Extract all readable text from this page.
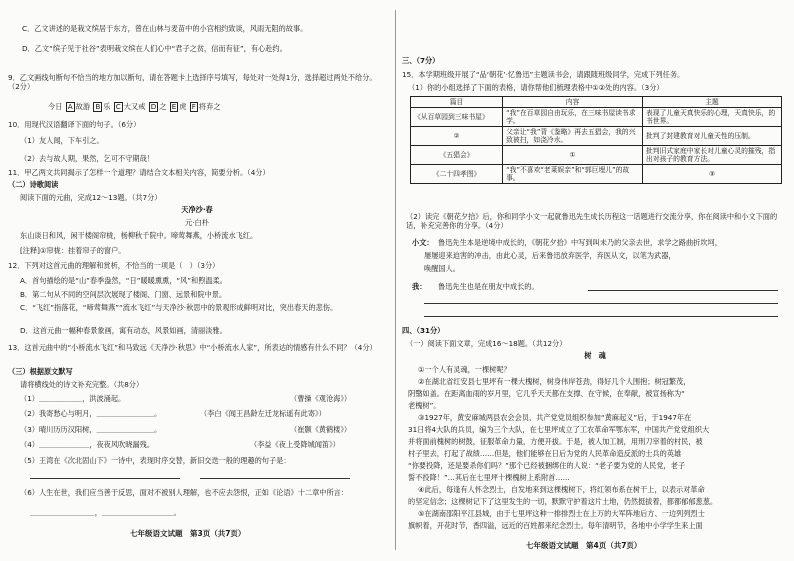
C．乙文讲述的是栽文缤居于东方，曾在山林与麦苗中的小宫相约致谈，风雨无阻的故事。
D．乙文“缤子见于社谷”表明栽文缤在人们心中“君子之贫，信而有征”，有心赴约。
9．乙文画线句断句不恰当的地方加以断句，请在答题卡上选择序号填写，每处对一处得1分，选择超过两处不给分。（2分）
今日 A 故游 B 乐 C 大又戒 D 之 E 虎 F 将弃之
10．用现代汉语翻译下面的句子。（6分）
（1）友人闻，下车引之。
（2）去与故人期，果然，乞可不守期哉！
11．甲乙两文共同揭示了怎样一个道理？请结合文本相关内容，简要分析。（4分）
（二）诗歌阅读
阅读下面的元曲，完成12～13题。（共7分）
天净沙·春
元·白朴
东山谈日和风，闲干楼阁帘栊，杨柳秋千院中。啼莺舞燕，小桥流水飞红。
[注释]①帘栊：挂着帘子的窗户。
12．下列对这首元曲的理解和赏析，不恰当的一项是（　）（3分）
A．首句描绘的是“山”春季盎然，“日”暖暖熏熏，“风”和煦温柔。
B．第二句从不同的空间层次展现了楼阁、门窗、远景和院中景。
C．“飞红”指落花，“啼莺舞燕”“流水飞红”与天净沙·秋思中的景观形成鲜明对比，突出春天的悲伤。
D．这首元曲一幅种春景象画，寓有动态，风景如画，清丽淡雅。
13．这首元曲中的“小桥流水飞红”和马致远《天净沙·秋思》中“小桥流水人家”，所表达的情感有什么不同？（4分）
（三）根据原文默写
请将横线处的诗文补充完整。（共8分）
（1）＿＿＿＿＿＿，洪波涌起。	（曹操《观沧海》）
（2）我寄愁心与明月，＿＿＿＿＿＿＿＿。	（李白《闻王昌龄左迁龙标遥有此寄》）
（3）晴川历历汉阳树，＿＿＿＿＿＿＿＿。	（崔颢《黄鹤楼》）
（4）＿＿＿＿＿＿＿，夜夜风吹晓漏残。	（李益《夜上受降城闻笛》）
（5）王湾在《次北固山下》一诗中，表现时序交替，新旧交迭一般的理趣的句子是：
（6）人生在世，我们应当善于反思，面对不被别人理解，也不应去怨恨，正如《论语》十二章中所言：
＿＿＿＿＿＿＿＿＿，＿＿＿＿＿＿＿＿＿＿。
七年级语文试题　第3页（共7页）
三、（7分）
15．本学期班级开展了“品‘朝花’·忆鲁迅”主题读书会，请跟随班级同学，完成下列任务。
（1）你的小组选择了下面的表格，请你帮他们梳理表格中①②处的内容。（3分）
篇目	内容	主题
《从百草园到三味书屋》	“我”在百草园自由玩乐，在三味书屋读书求学。	表现了儿童天真快乐的心理，天真快乐，的书世界。
②	父亲让“我”背《鉴略》再去五猖会，我的兴致被扫，如浇冷水。	批判了封建教育对儿童天性的压制。
《五猖会》	①	批判旧式家庭中家长对儿童心灵的摧残，指出对孩子的教育方法。
《二十四孝图》	“我”不喜欢“老莱娱亲”和“郭巨埋儿”的故事。	③
（2）读完《朝花夕拾》后，你和同学小文一起就鲁迅先生成长历程这一话题进行交流分享，你在阅读中和小文下面的话，补充完善你的分享。（4分）
小文： 鲁迅先生本是逆境中成长的，《朝花夕拾》中写到叫未乃的父亲去世，求学之路曲折坎坷，
屡屡迎来迫害的冲击，由此心灵，后来鲁迅放弃医学，弃医从文，以笔为武器，
唤醒国人。
我： 鲁迅先生也是在朋友中成长的。
四、（31分）
（一）阅读下面文章，完成16～18题。（共12分）
树　魂
①一个人有灵魂，一棵树呢？
②在湖北省红安县七里坪有一棵大槐树，树身伟岸苍劲，得好几个人围抱；树冠繁茂，
阴翳如盖。在距离血雨的岁月里，它几乎天天都在支撑、在守候，在奉献，被宣扬称为“
老槐树”。
③1927年，黄安麻城两县农会会员、共产党党员组织参加“黄麻起义”后，于1947年在
31日将4大队的兵员，编为三个大队，在七里坪成立了工农革命军鄂东军，中国共产党党组织大
并将面前槐树的树鼓，征服革命力量，方便开拔。于是，被人加工制，用刑刀宰着的村民，被
村子里去，打起了战绩……但是，他们能够在日后为党的人民革命造反派的士兵的英雄
“你要投降，还是要杀你们吗？”那个已经被捆绑住的人说：“老子要为党的人民党，老子
誓不投降！”…其后在七里坪十棵槐树上系附首……
④此后，每逢有人怀念烈士，自发地来到这棵槐树下，将红领布系在树干上，以表示对革命
的坚定信念；这棵树记下了这里发生的一切，默默守护着这片土地，仍然挺拔着，都都郁郁葱葱。
⑤在湖南邵阳平江县城，由于七里坪这种一排排烈士在上万的大军阵地后方、一边列列烈士
旗帜着，开花时节，香四溢，远近的百姓都来纪念烈士。每年清明节，各地中小学学生来上面
七年级语文试题　第4页（共7页）
